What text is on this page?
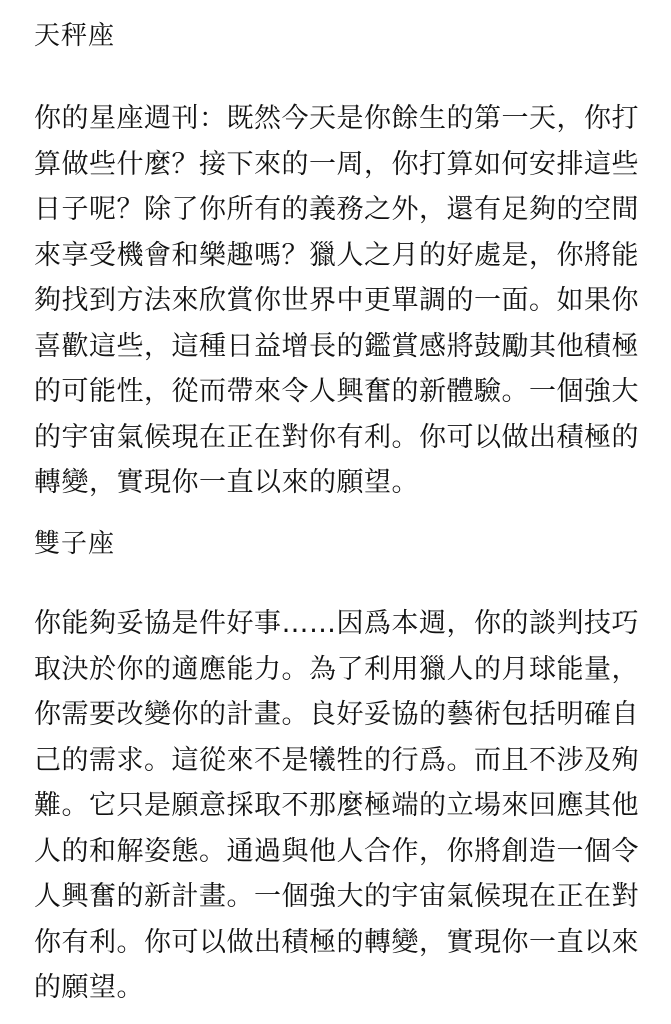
天秤座

你的星座週刊：既然今天是你餘生的第一天，你打
算做些什麼？接下來的一周，你打算如何安排這些
日子呢？除了你所有的義務之外，還有足夠的空間
來享受機會和樂趣嗎？獵人之月的好處是，你將能
夠找到方法來欣賞你世界中更單調的一面。如果你
喜歡這些，這種日益增長的鑑賞感將鼓勵其他積極
的可能性，從而帶來令人興奮的新體驗。一個強大
的宇宙氣候現在正在對你有利。你可以做出積極的
轉變，實現你一直以來的願望。

雙子座

你能夠妥協是件好事……因爲本週，你的談判技巧
取決於你的適應能力。為了利用獵人的月球能量，
你需要改變你的計畫。良好妥協的藝術包括明確自
己的需求。這從來不是犧牲的行爲。而且不涉及殉
難。它只是願意採取不那麼極端的立場來回應其他
人的和解姿態。通過與他人合作，你將創造一個令
人興奮的新計畫。一個強大的宇宙氣候現在正在對
你有利。你可以做出積極的轉變，實現你一直以來
的願望。
